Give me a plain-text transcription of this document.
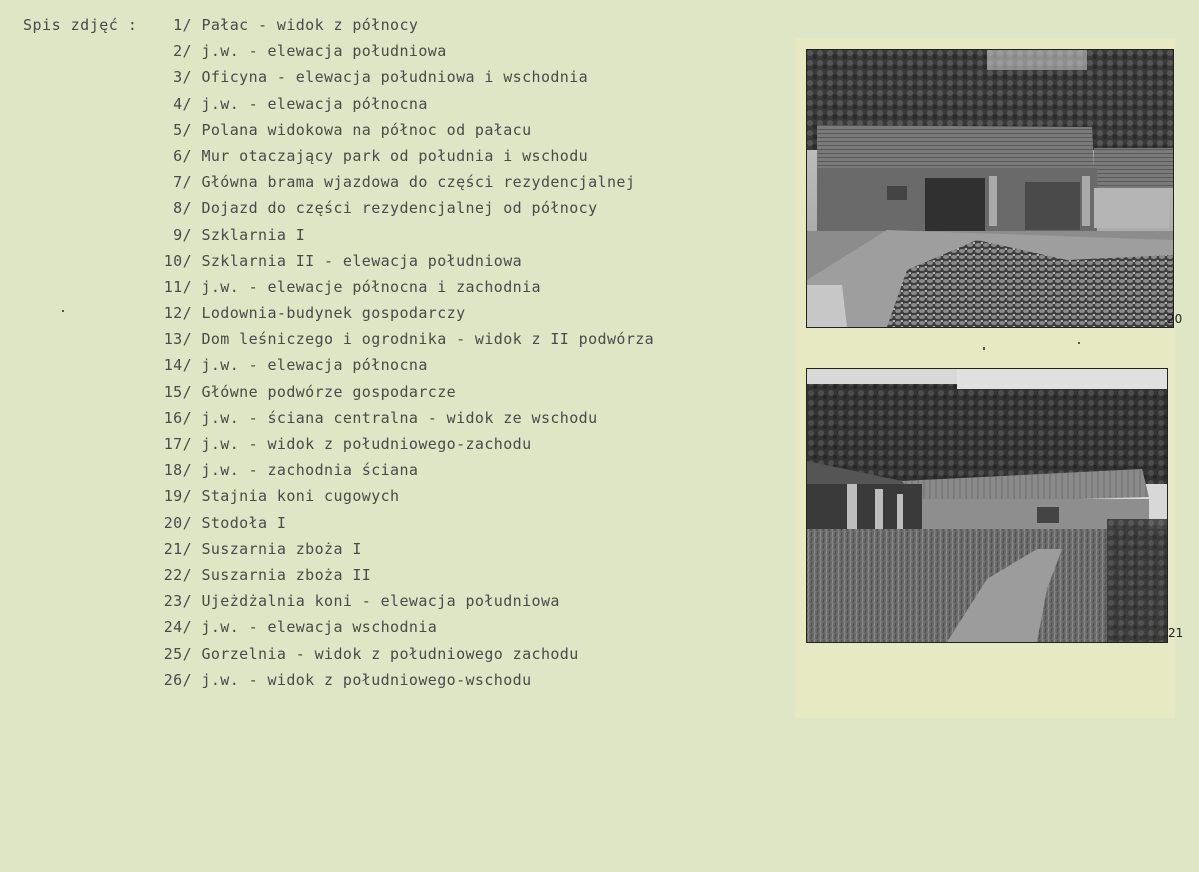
Spis zdjęć :	1/ Pałac - widok z północy
2/ j.w. - elewacja południowa
3/ Oficyna - elewacja południowa i wschodnia
4/ j.w. - elewacja północna
5/ Polana widokowa na północ od pałacu
6/ Mur otaczający park od południa i wschodu
7/ Główna brama wjazdowa do części rezydencjalnej
8/ Dojazd do części rezydencjalnej od północy
9/ Szklarnia I
10/ Szklarnia II - elewacja południowa
11/ j.w. - elewacje północna i zachodnia
12/ Lodownia-budynek gospodarczy
13/ Dom leśniczego i ogrodnika - widok z II podwórza
14/ j.w. - elewacja północna
15/ Główne podwórze gospodarcze
16/ j.w. - ściana centralna - widok ze wschodu
17/ j.w. - widok z południowego-zachodu
18/ j.w. - zachodnia ściana
19/ Stajnia koni cugowych
20/ Stodoła I
21/ Suszarnia zboża I
22/ Suszarnia zboża II
23/ Ujeżdżalnia koni - elewacja południowa
24/ j.w. - elewacja wschodnia
25/ Gorzelnia - widok z południowego zachodu
26/ j.w. - widok z południowego-wschodu
20
21
